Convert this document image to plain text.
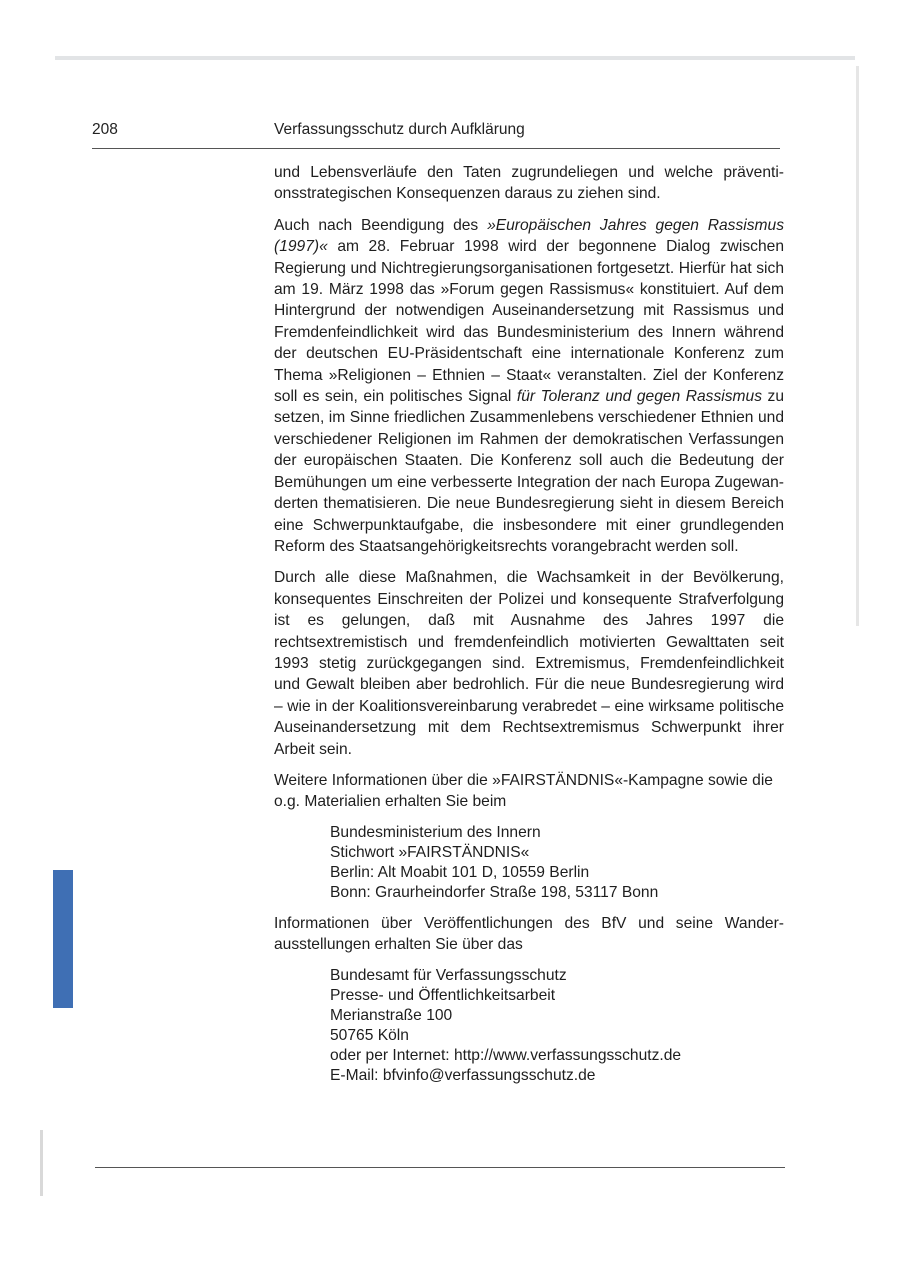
208	Verfassungsschutz durch Aufklärung

und Lebensverläufe den Taten zugrundeliegen und welche präventionsstrategischen Konsequenzen daraus zu ziehen sind.

Auch nach Beendigung des »Europäischen Jahres gegen Rassismus (1997)« am 28. Februar 1998 wird der begonnene Dialog zwischen Regierung und Nichtregierungsorganisationen fortgesetzt. Hierfür hat sich am 19. März 1998 das »Forum gegen Rassismus« konstituiert. Auf dem Hintergrund der notwendigen Auseinandersetzung mit Rassismus und Fremdenfeindlichkeit wird das Bundesministerium des Innern während der deutschen EU-Präsidentschaft eine internationale Konferenz zum Thema »Religionen – Ethnien – Staat« veranstalten. Ziel der Konferenz soll es sein, ein politisches Signal für Toleranz und gegen Rassismus zu setzen, im Sinne friedlichen Zusammenlebens verschiedener Ethnien und verschiedener Religionen im Rahmen der demokratischen Verfassungen der europäischen Staaten. Die Konferenz soll auch die Bedeutung der Bemühungen um eine verbesserte Integration der nach Europa Zugewanderten thematisieren. Die neue Bundesregierung sieht in diesem Bereich eine Schwerpunktaufgabe, die insbesondere mit einer grundlegenden Reform des Staatsangehörigkeitsrechts vorangebracht werden soll.

Durch alle diese Maßnahmen, die Wachsamkeit in der Bevölkerung, konsequentes Einschreiten der Polizei und konsequente Strafverfolgung ist es gelungen, daß mit Ausnahme des Jahres 1997 die rechtsextremistisch und fremdenfeindlich motivierten Gewalttaten seit 1993 stetig zurückgegangen sind. Extremismus, Fremdenfeindlichkeit und Gewalt bleiben aber bedrohlich. Für die neue Bundesregierung wird – wie in der Koalitionsvereinbarung verabredet – eine wirksame politische Auseinandersetzung mit dem Rechtsextremismus Schwerpunkt ihrer Arbeit sein.

Weitere Informationen über die »FAIRSTÄNDNIS«-Kampagne sowie die o.g. Materialien erhalten Sie beim

Bundesministerium des Innern
Stichwort »FAIRSTÄNDNIS«
Berlin: Alt Moabit 101 D, 10559 Berlin
Bonn: Graurheindorfer Straße 198, 53117 Bonn

Informationen über Veröffentlichungen des BfV und seine Wanderausstellungen erhalten Sie über das

Bundesamt für Verfassungsschutz
Presse- und Öffentlichkeitsarbeit
Merianstraße 100
50765 Köln
oder per Internet: http://www.verfassungsschutz.de
E-Mail: bfvinfo@verfassungsschutz.de
